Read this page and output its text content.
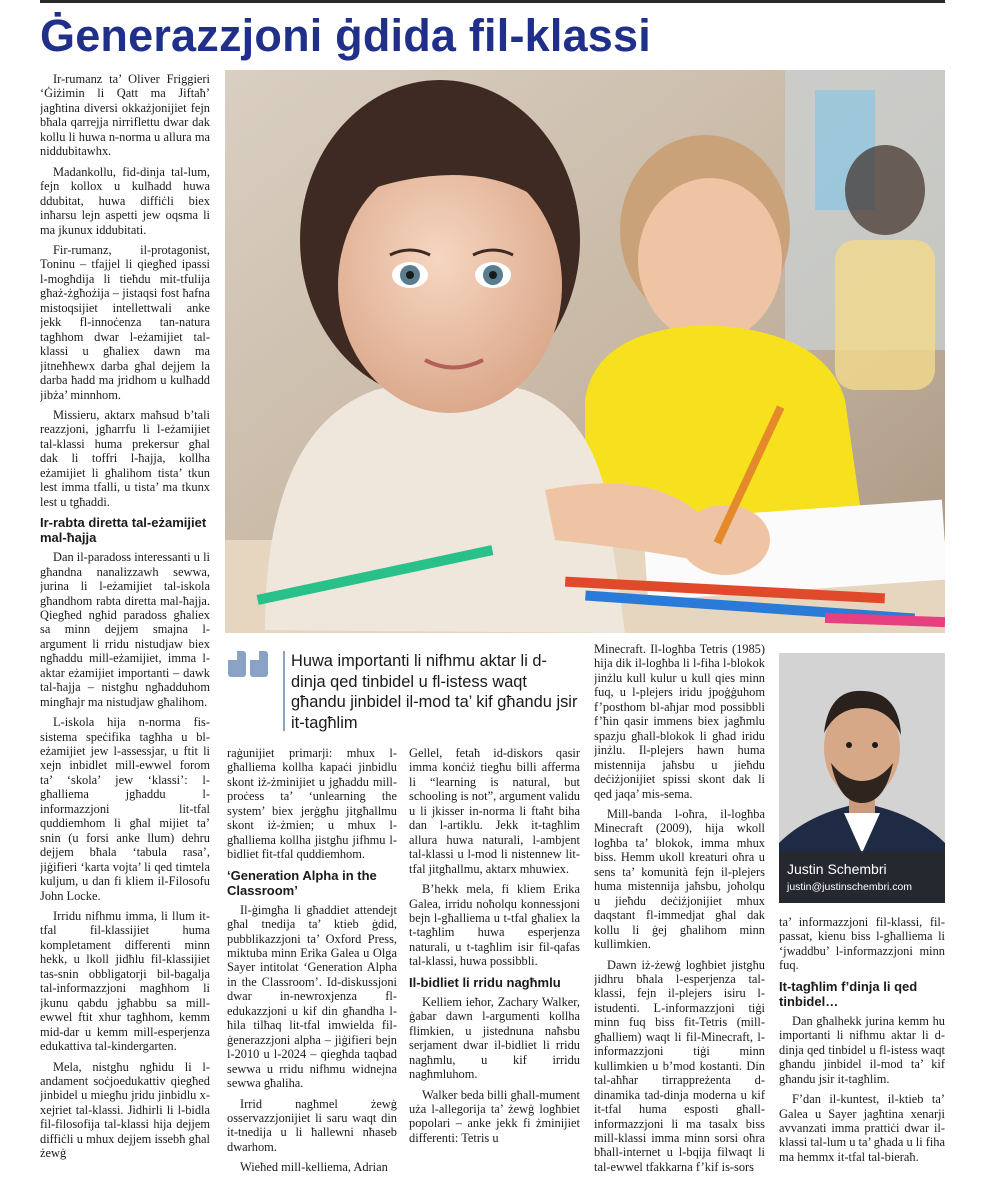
Ġenerazzjoni ġdida fil-klassi

Ir-rumanz ta’ Oliver Friggieri ‘Ġiżimin li Qatt ma Jiftaħ’ jagħtina diversi okkażjonijiet fejn bħala qarrejja nirriflettu dwar dak kollu li huwa n-norma u allura ma niddubitawhx.

Madankollu, fid-dinja tal-lum, fejn kollox u kulħadd huwa ddubitat, huwa diffiċli biex inħarsu lejn aspetti jew oqsma li ma jkunux iddubitati.

Fir-rumanz, il-protagonist, Toninu – tfajjel li qiegħed ipassi l-mogħdija li tieħdu mit-tfulija għaż-żgħożija – jistaqsi fost ħafna mistoqsijiet intellettwali anke jekk fl-innoċenza tan-natura tagħhom dwar l-eżamijiet tal-klassi u għaliex dawn ma jitneħħewx darba għal dejjem la darba ħadd ma jridhom u kulħadd jibża’ minnhom.

Missieru, aktarx maħsud b’tali reazzjoni, jgħarrfu li l-eżamijiet tal-klassi huma prekersur għal dak li toffri l-ħajja, kollha eżamijiet li għalihom tista’ tkun lest imma tfalli, u tista’ ma tkunx lest u tgħaddi.

Ir-rabta diretta tal-eżamijiet mal-ħajja

Dan il-paradoss interessanti u li għandna nanalizzawh sewwa, jurina li l-eżamijiet tal-iskola għandhom rabta diretta mal-ħajja. Qiegħed ngħid paradoss għaliex sa minn dejjem smajna l-argument li rridu nistudjaw biex ngħaddu mill-eżamijiet, imma l-aktar eżamijiet importanti – dawk tal-ħajja – nistgħu ngħadduhom mingħajr ma nistudjaw għalihom.

L-iskola hija n-norma fis-sistema speċifika tagħha u bl-eżamijiet jew l-assessjar, u ftit li xejn inbidlet mill-ewwel forom ta’ ‘skola’ jew ‘klassi’: l-għalliema jgħaddu l-informazzjoni lit-tfal quddiemhom li għal mijiet ta’ snin (u forsi anke llum) dehru dejjem bħala ‘tabula rasa’, jiġifieri ‘karta vojta’ li qed timtela kuljum, u dan fi kliem il-Filosofu John Locke.

Irridu nifhmu imma, li llum it-tfal fil-klassijiet huma kompletament differenti minn hekk, u lkoll jidħlu fil-klassijiet tas-snin obbligatorji bil-bagalja tal-informazzjoni magħhom li jkunu qabdu jgħabbu sa mill-ewwel ftit xhur tagħhom, kemm mid-dar u kemm mill-esperjenza edukattiva tal-kindergarten.

Mela, nistgħu ngħidu li l-andament soċjoedukattiv qiegħed jinbidel u miegħu jridu jinbidlu x-xejriet tal-klassi. Jidhirli li l-bidla fil-filosofija tal-klassi hija dejjem diffiċli u mhux dejjem issebħ għal żewġ

Huwa importanti li nifhmu aktar li d-dinja qed tinbidel u fl-istess waqt għandu jinbidel il-mod ta’ kif għandu jsir it-tagħlim

raġunijiet primarji: mhux l-għalliema kollha kapaċi jinbidlu skont iż-żminijiet u jgħaddu mill-proċess ta’ ‘unlearning the system’ biex jerġgħu jitgħallmu skont iż-żmien; u mhux l-għalliema kollha jistgħu jifhmu l-bidliet fit-tfal quddiemhom.

‘Generation Alpha in the Classroom’

Il-ġimgħa li għaddiet attendejt għal tnedija ta’ ktieb ġdid, pubblikazzjoni ta’ Oxford Press, miktuba minn Erika Galea u Olga Sayer intitolat ‘Generation Alpha in the Classroom’. Id-diskussjoni dwar in-newroxjenza fl-edukazzjoni u kif din għandha l-ħila tilħaq lit-tfal imwielda fil-ġenerazzjoni alpha – jiġifieri bejn l-2010 u l-2024 – qiegħda taqbad sewwa u rridu nifhmu widnejna sewwa għaliha.

Irrid nagħmel żewġ osservazzjonijiet li saru waqt din it-tnedija u li ħallewni nħaseb dwarhom.

Wieħed mill-kelliema, Adrian

Gellel, fetaħ id-diskors qasir imma konċiż tiegħu billi afferma li “learning is natural, but schooling is not”, argument validu u li jkisser in-norma li ftaħt biha dan l-artiklu. Jekk it-tagħlim allura huwa naturali, l-ambjent tal-klassi u l-mod li nistennew lit-tfal jitgħallmu, aktarx mhuwiex.

B’hekk mela, fi kliem Erika Galea, irridu noħolqu konnessjoni bejn l-għalliema u t-tfal għaliex la t-tagħlim huwa esperjenza naturali, u t-tagħlim isir fil-qafas tal-klassi, huwa possibbli.

Il-bidliet li rridu nagħmlu

Kelliem ieħor, Zachary Walker, ġabar dawn l-argumenti kollha flimkien, u jistednuna naħsbu serjament dwar il-bidliet li rridu nagħmlu, u kif irridu nagħmluhom.

Walker beda billi għall-mument uża l-allegorija ta’ żewġ logħbiet popolari – anke jekk fi żminijiet differenti: Tetris u

Minecraft. Il-logħba Tetris (1985) hija dik il-logħba li l-fiha l-blokok jinżlu kull kulur u kull qies minn fuq, u l-plejers iridu jpoġġuhom f’posthom bl-aħjar mod possibbli f’ħin qasir immens biex jagħmlu spazju għall-blokok li għad iridu jinżlu. Il-plejers hawn huma mistennija jaħsbu u jieħdu deċiżjonijiet spissi skont dak li qed jaqa’ mis-sema.

Mill-banda l-oħra, il-logħba Minecraft (2009), hija wkoll logħba ta’ blokok, imma mhux biss. Hemm ukoll kreaturi oħra u sens ta’ komunità fejn il-plejers huma mistennija jaħsbu, joħolqu u jieħdu deċiżjonijiet mhux daqstant fl-immedjat għal dak kollu li ġej għalihom minn kullimkien.

Dawn iż-żewġ logħbiet jistgħu jidhru bħala l-esperjenza tal-klassi, fejn il-plejers isiru l-istudenti. L-informazzjoni tiġi minn fuq biss fit-Tetris (mill-għalliem) waqt li fil-Minecraft, l-informazzjoni tiġi minn kullimkien u b’mod kostanti. Din tal-aħħar tirrappreżenta d-dinamika tad-dinja moderna u kif it-tfal huma esposti għall-informazzjoni li ma tasalx biss mill-klassi imma minn sorsi oħra bħall-internet u l-bqija filwaqt li tal-ewwel tfakkarna f’kif is-sors

Justin Schembri
justin@justinschembri.com

ta’ informazzjoni fil-klassi, fil-passat, kienu biss l-għalliema li ‘jwaddbu’ l-informazzjoni minn fuq.

It-tagħlim f’dinja li qed tinbidel…

Dan għalhekk jurina kemm hu importanti li nifhmu aktar li d-dinja qed tinbidel u fl-istess waqt għandu jinbidel il-mod ta’ kif għandu jsir it-tagħlim.

F’dan il-kuntest, il-ktieb ta’ Galea u Sayer jagħtina xenarji avvanzati imma prattiċi dwar il-klassi tal-lum u ta’ għada u li fiha ma hemmx it-tfal tal-bieraħ.
